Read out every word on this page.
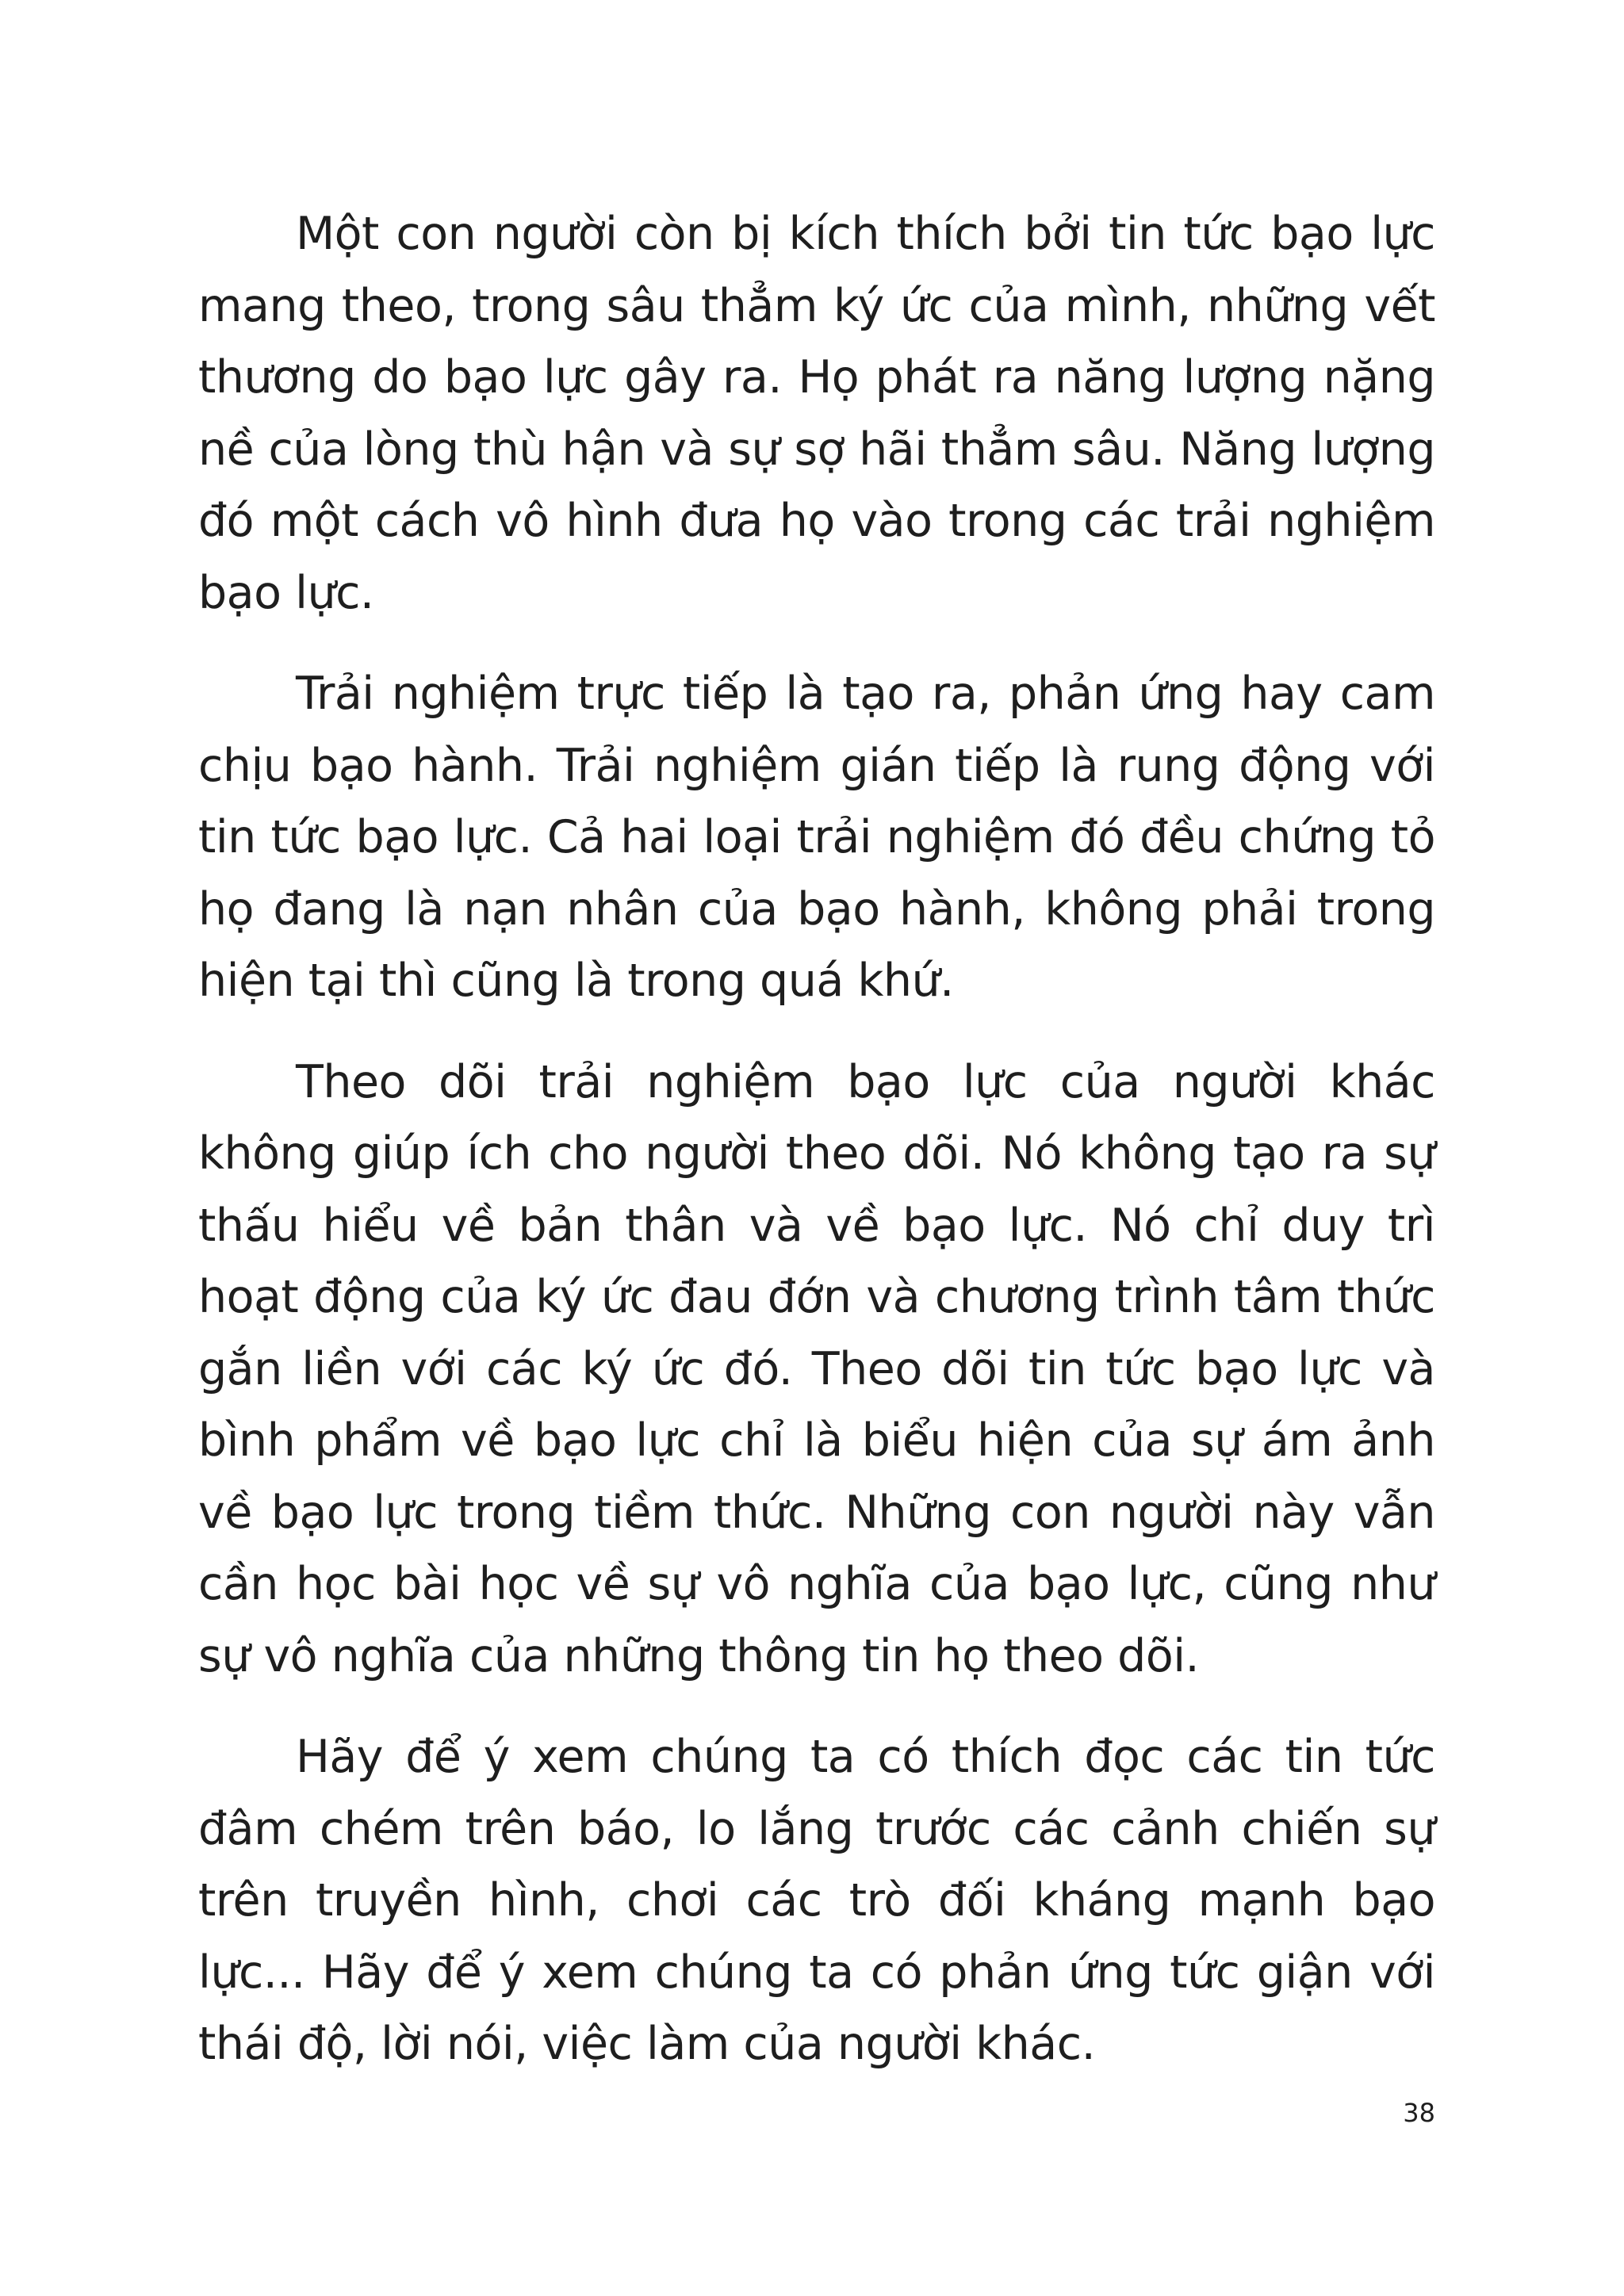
Một con người còn bị kích thích bởi tin tức bạo lực mang theo, trong sâu thẳm ký ức của mình, những vết thương do bạo lực gây ra. Họ phát ra năng lượng nặng nề của lòng thù hận và sự sợ hãi thẳm sâu. Năng lượng đó một cách vô hình đưa họ vào trong các trải nghiệm bạo lực.

Trải nghiệm trực tiếp là tạo ra, phản ứng hay cam chịu bạo hành. Trải nghiệm gián tiếp là rung động với tin tức bạo lực. Cả hai loại trải nghiệm đó đều chứng tỏ họ đang là nạn nhân của bạo hành, không phải trong hiện tại thì cũng là trong quá khứ.

Theo dõi trải nghiệm bạo lực của người khác không giúp ích cho người theo dõi. Nó không tạo ra sự thấu hiểu về bản thân và về bạo lực. Nó chỉ duy trì hoạt động của ký ức đau đớn và chương trình tâm thức gắn liền với các ký ức đó. Theo dõi tin tức bạo lực và bình phẩm về bạo lực chỉ là biểu hiện của sự ám ảnh về bạo lực trong tiềm thức. Những con người này vẫn cần học bài học về sự vô nghĩa của bạo lực, cũng như sự vô nghĩa của những thông tin họ theo dõi.

Hãy để ý xem chúng ta có thích đọc các tin tức đâm chém trên báo, lo lắng trước các cảnh chiến sự trên truyền hình, chơi các trò đối kháng mạnh bạo lực... Hãy để ý xem chúng ta có phản ứng tức giận với thái độ, lời nói, việc làm của người khác.

38
